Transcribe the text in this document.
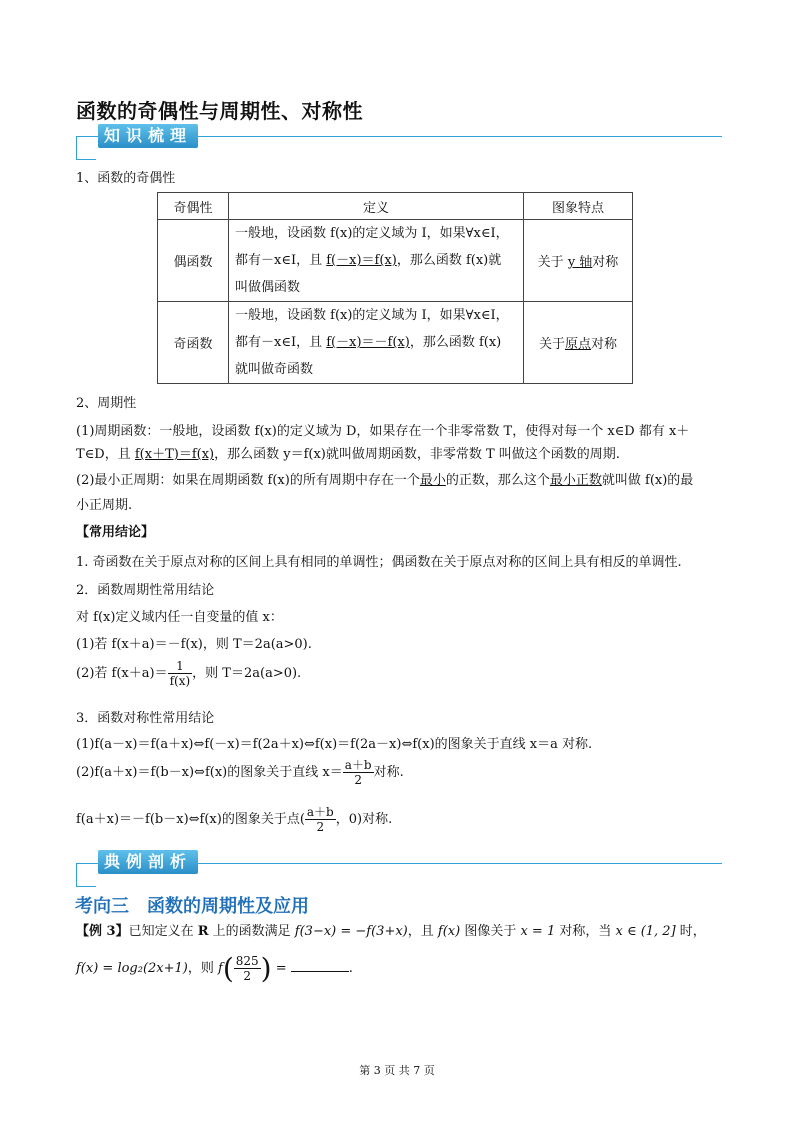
函数的奇偶性与周期性、对称性
知识梳理
1、函数的奇偶性
奇偶性	定义	图象特点
偶函数	一般地，设函数 f(x)的定义域为 I，如果∀x∈I，
都有－x∈I，且 f(－x)＝f(x)，那么函数 f(x)就
叫做偶函数	关于 y 轴对称
奇函数	一般地，设函数 f(x)的定义域为 I，如果∀x∈I，
都有－x∈I，且 f(－x)＝－f(x)，那么函数 f(x)
就叫做奇函数	关于原点对称
2、周期性
(1)周期函数：一般地，设函数 f(x)的定义域为 D，如果存在一个非零常数 T，使得对每一个 x∈D 都有 x＋
T∈D，且 f(x＋T)＝f(x)，那么函数 y＝f(x)就叫做周期函数，非零常数 T 叫做这个函数的周期.
(2)最小正周期：如果在周期函数 f(x)的所有周期中存在一个最小的正数，那么这个最小正数就叫做 f(x)的最
小正周期.
【常用结论】
1. 奇函数在关于原点对称的区间上具有相同的单调性；偶函数在关于原点对称的区间上具有相反的单调性.
2．函数周期性常用结论
对 f(x)定义域内任一自变量的值 x：
(1)若 f(x＋a)＝－f(x)，则 T＝2a(a>0).
(2)若 $f(x+a)= \frac{1}{f(x)}$ ，则 T＝2a(a>0).
3．函数对称性常用结论
(1)f(a－x)＝f(a＋x)⇔f(－x)＝f(2a＋x)⇔f(x)＝f(2a－x)⇔f(x)的图象关于直线 x＝a 对称.
(2)f(a＋x)＝f(b－x)⇔f(x)的图象关于直线 $x= \frac{a+b}{2}$ 对称.
f(a＋x)＝－f(b－x)⇔f(x)的图象关于点( $\frac{a+b}{2}$ ，0)对称.
典例剖析
考向三　函数的周期性及应用
【例 3】已知定义在 R 上的函数满足 f(3−x) = −f(3+x)，且 f(x) 图像关于 x = 1 对称，当 x ∈ (1, 2] 时，
f(x) = log₂(2x+1)，则 $f( \frac{825}{2}$ ) =	.
第 3 页 共 7 页
